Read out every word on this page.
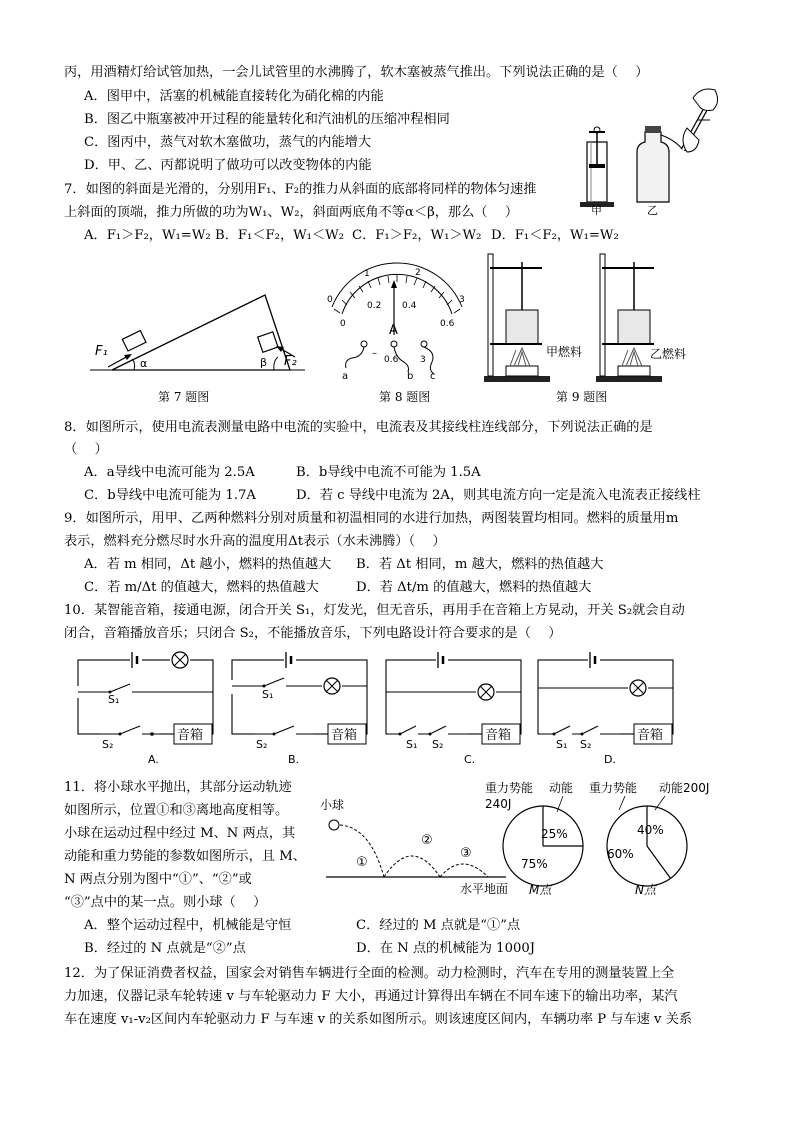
丙，用酒精灯给试管加热，一会儿试管里的水沸腾了，软木塞被蒸气推出。下列说法正确的是（　 ）
A．图甲中，活塞的机械能直接转化为硝化棉的内能
B．图乙中瓶塞被冲开过程的能量转化和汽油机的压缩冲程相同
C．图丙中，蒸气对软木塞做功，蒸气的内能增大
D．甲、乙、丙都说明了做功可以改变物体的内能
甲	乙
7．如图的斜面是光滑的，分别用F₁、F₂的推力从斜面的底部将同样的物体匀速推
上斜面的顶端，推力所做的功为W₁、W₂，斜面两底角不等α＜β，那么（　 ）
A．F₁＞F₂，W₁=W₂ B．F₁＜F₂，W₁＜W₂ C．F₁＞F₂，W₁＞W₂ D．F₁＜F₂，W₁=W₂
F₁
α	F₂
β
第 7 题图
0
1	2
3
0
0.2 0.4
0.6
A
–
0.6 3
a	b c
第 8 题图
甲燃料	乙燃料
第 9 题图
8．如图所示，使用电流表测量电路中电流的实验中，电流表及其接线柱连线部分，下列说法正确的是
（　 ）
A．a导线中电流可能为 2.5A	B．b导线中电流不可能为 1.5A
C．b导线中电流可能为 1.7A	D．若 c 导线中电流为 2A，则其电流方向一定是流入电流表正接线柱
9．如图所示，用甲、乙两种燃料分别对质量和初温相同的水进行加热，两图装置均相同。燃料的质量用m
表示，燃料充分燃尽时水升高的温度用Δt表示（水未沸腾）（　 ）
A．若 m 相同，Δt 越小，燃料的热值越大 B．若 Δt 相同，m 越大，燃料的热值越大
C．若 m/Δt 的值越大，燃料的热值越大	D．若 Δt/m 的值越大，燃料的热值越大
10．某智能音箱，接通电源，闭合开关 S₁，灯发光，但无音乐，再用手在音箱上方晃动，开关 S₂就会自动
闭合，音箱播放音乐；只闭合 S₂，不能播放音乐，下列电路设计符合要求的是（　 ）
音箱
S₁
S₂
A.
音箱
S₁
S₂
B.
音箱
S₁ S₂
C.
音箱
S₁ S₂
D.
11．将小球水平抛出，其部分运动轨迹
如图所示，位置①和③离地高度相等。
小球在运动过程中经过 M、N 两点，其
动能和重力势能的参数如图所示，且 M、
N 两点分别为图中“①”、“②”或
“③”点中的某一点。则小球（　 ）
A．整个运动过程中，机械能是守恒	C．经过的 M 点就是“①”点
B．经过的 N 点就是“②”点	D．在 N 点的机械能为 1000J
小球
①
②
③
水平地面
重力势能 动能
240J
重力势能 动能200J
25%
75%
40%
60%
M点	N点
12．为了保证消费者权益，国家会对销售车辆进行全面的检测。动力检测时，汽车在专用的测量装置上全
力加速，仪器记录车轮转速 v 与车轮驱动力 F 大小，再通过计算得出车辆在不同车速下的输出功率，某汽
车在速度 v₁-v₂区间内车轮驱动力 F 与车速 v 的关系如图所示。则该速度区间内，车辆功率 P 与车速 v 关系
